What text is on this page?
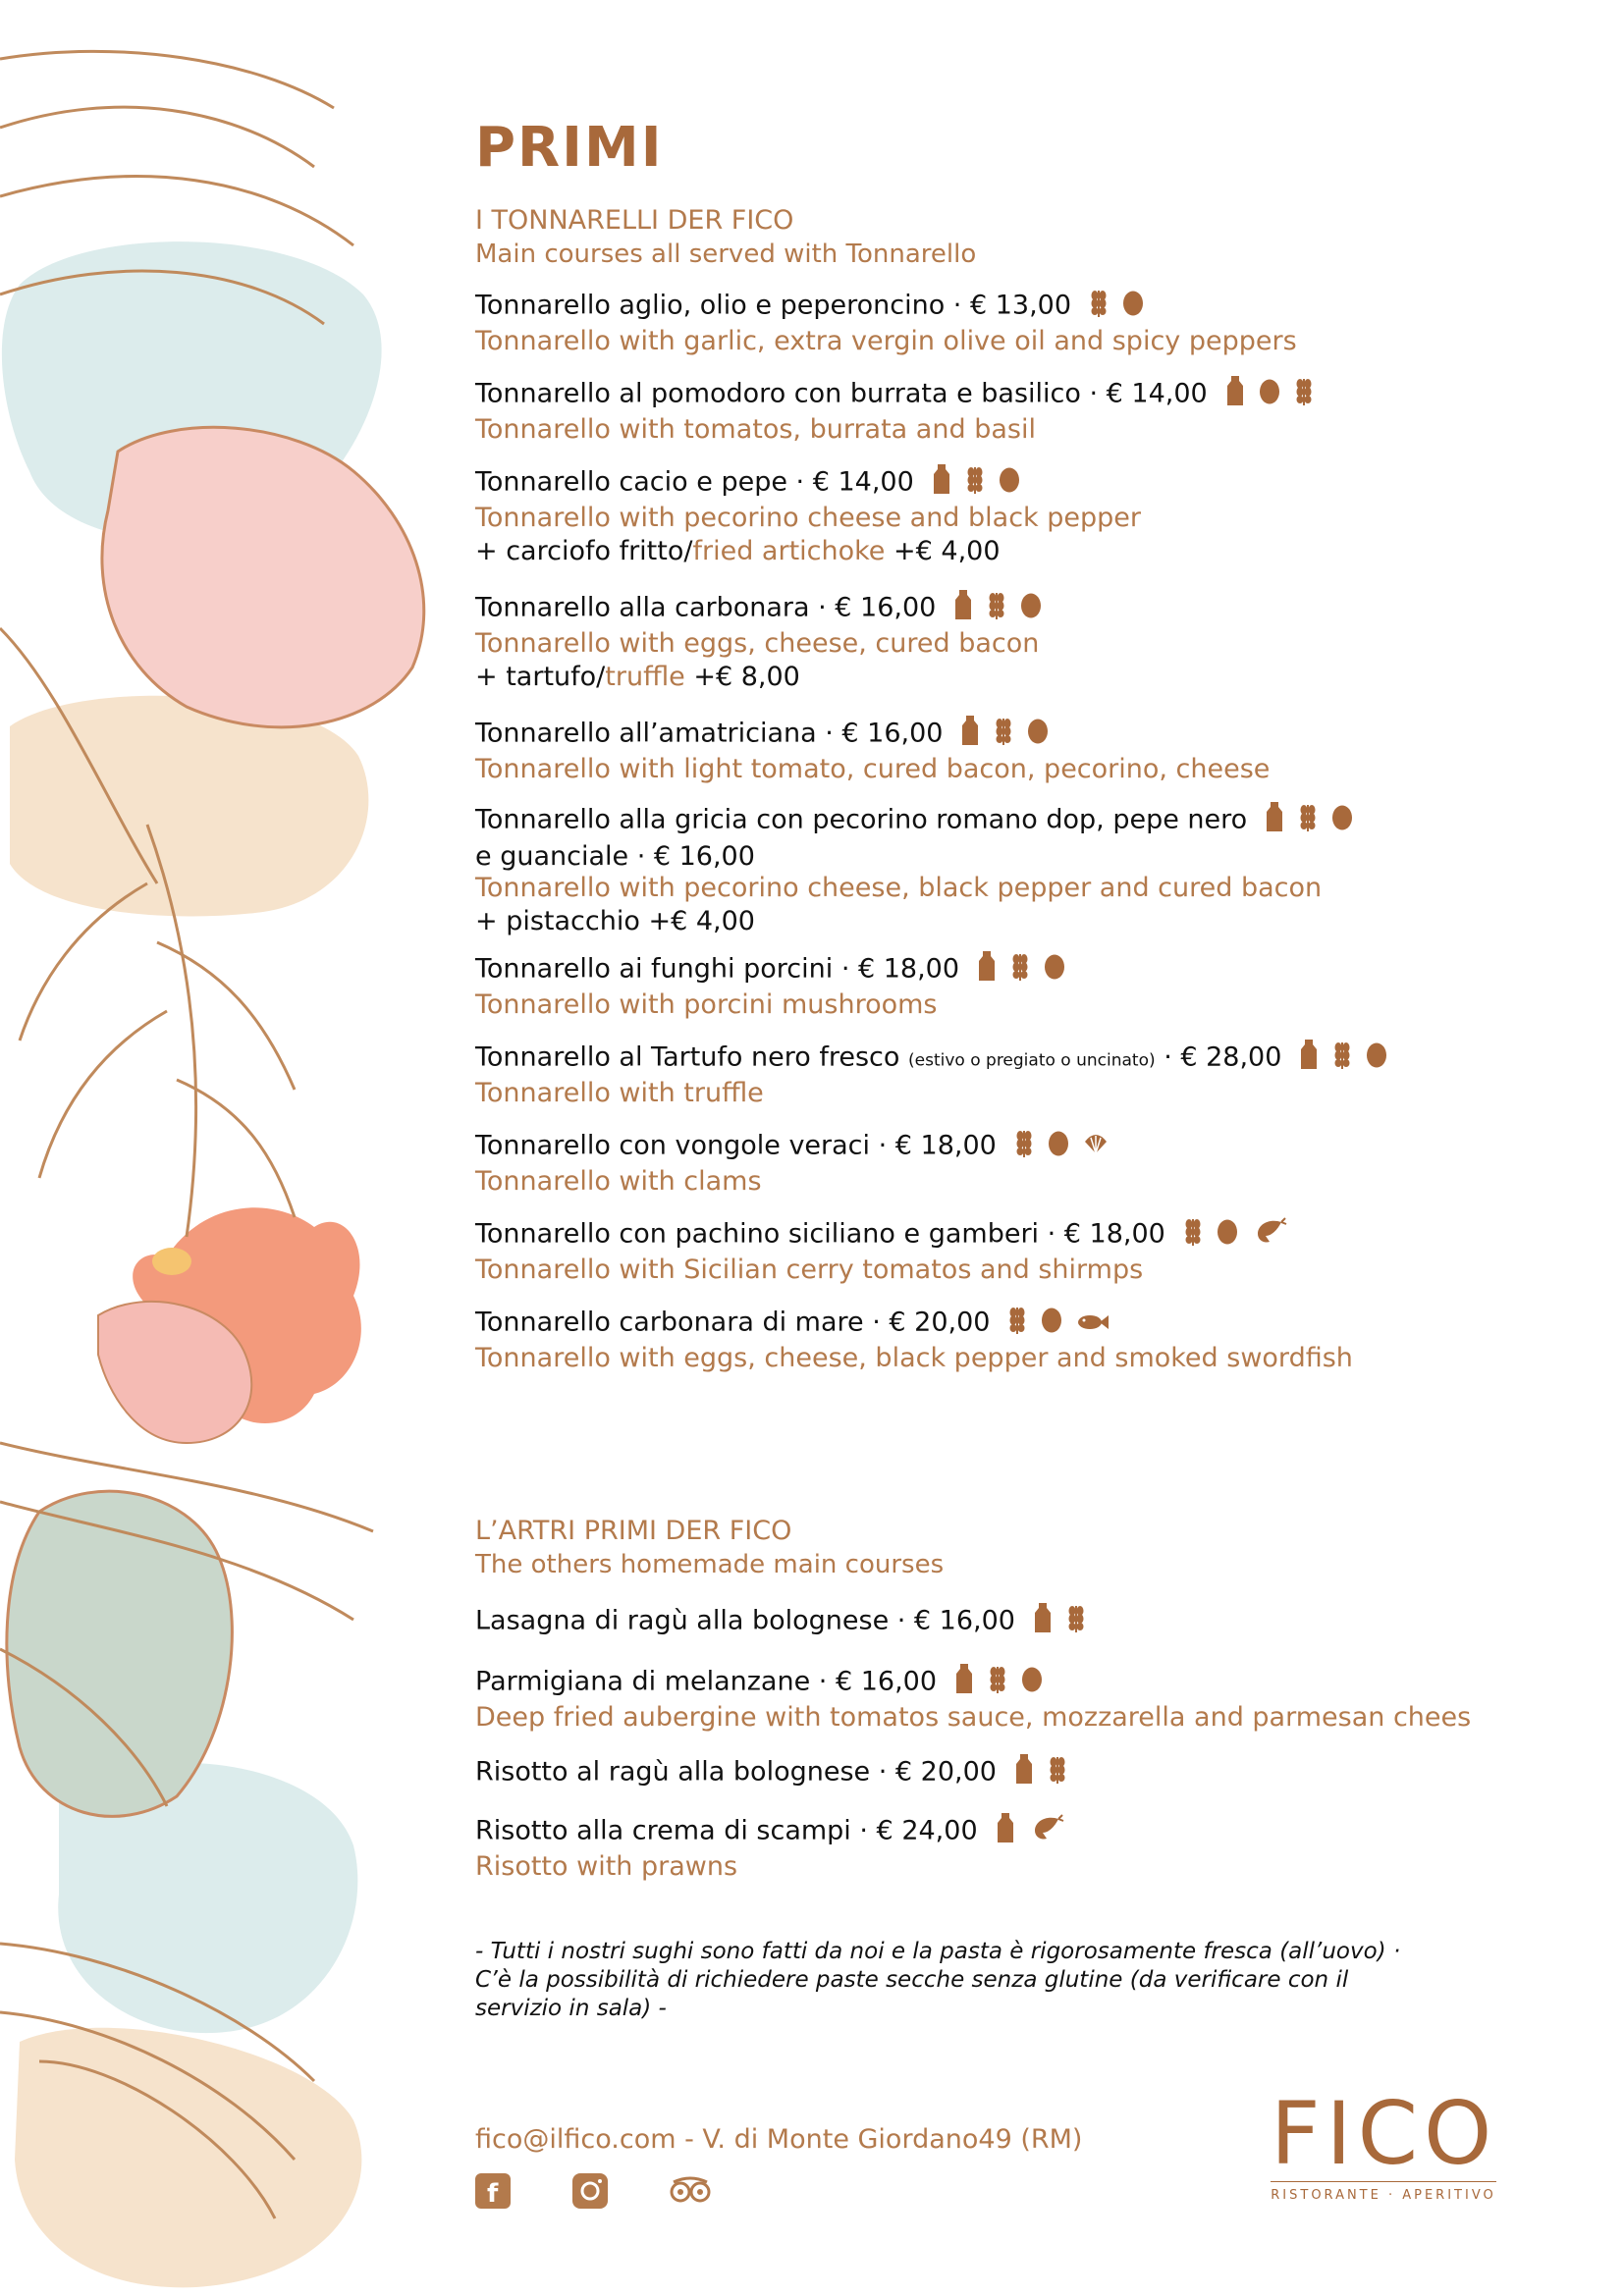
PRIMI
I TONNARELLI DER FICO
Main courses all served with Tonnarello
Tonnarello aglio, olio e peperoncino · € 13,00
Tonnarello with garlic, extra vergin olive oil and spicy peppers
Tonnarello al pomodoro con burrata e basilico · € 14,00
Tonnarello with tomatos, burrata and basil
Tonnarello cacio e pepe · € 14,00
Tonnarello with pecorino cheese and black pepper
+ carciofo fritto/fried artichoke +€ 4,00
Tonnarello alla carbonara · € 16,00
Tonnarello with eggs, cheese, cured bacon
+ tartufo/truffle +€ 8,00
Tonnarello all’amatriciana · € 16,00
Tonnarello with light tomato, cured bacon, pecorino, cheese
Tonnarello alla gricia con pecorino romano dop, pepe nero
e guanciale · € 16,00
Tonnarello with pecorino cheese, black pepper and cured bacon
+ pistacchio +€ 4,00
Tonnarello ai funghi porcini · € 18,00
Tonnarello with porcini mushrooms
Tonnarello al Tartufo nero fresco (estivo o pregiato o uncinato) · € 28,00
Tonnarello with truffle
Tonnarello con vongole veraci · € 18,00
Tonnarello with clams
Tonnarello con pachino siciliano e gamberi · € 18,00
Tonnarello with Sicilian cerry tomatos and shirmps
Tonnarello carbonara di mare · € 20,00
Tonnarello with eggs, cheese, black pepper and smoked swordfish
L’ARTRI PRIMI DER FICO
The others homemade main courses
Lasagna di ragù alla bolognese · € 16,00
Parmigiana di melanzane · € 16,00
Deep fried aubergine with tomatos sauce, mozzarella and parmesan chees
Risotto al ragù alla bolognese · € 20,00
Risotto alla crema di scampi · € 24,00
Risotto with prawns
- Tutti i nostri sughi sono fatti da noi e la pasta è rigorosamente fresca (all’uovo) ·
C’è la possibilità di richiedere paste secche senza glutine (da verificare con il
servizio in sala) -
fico@ilfico.com - V. di Monte Giordano49 (RM)
f

FICO
RISTORANTE · APERITIVO
